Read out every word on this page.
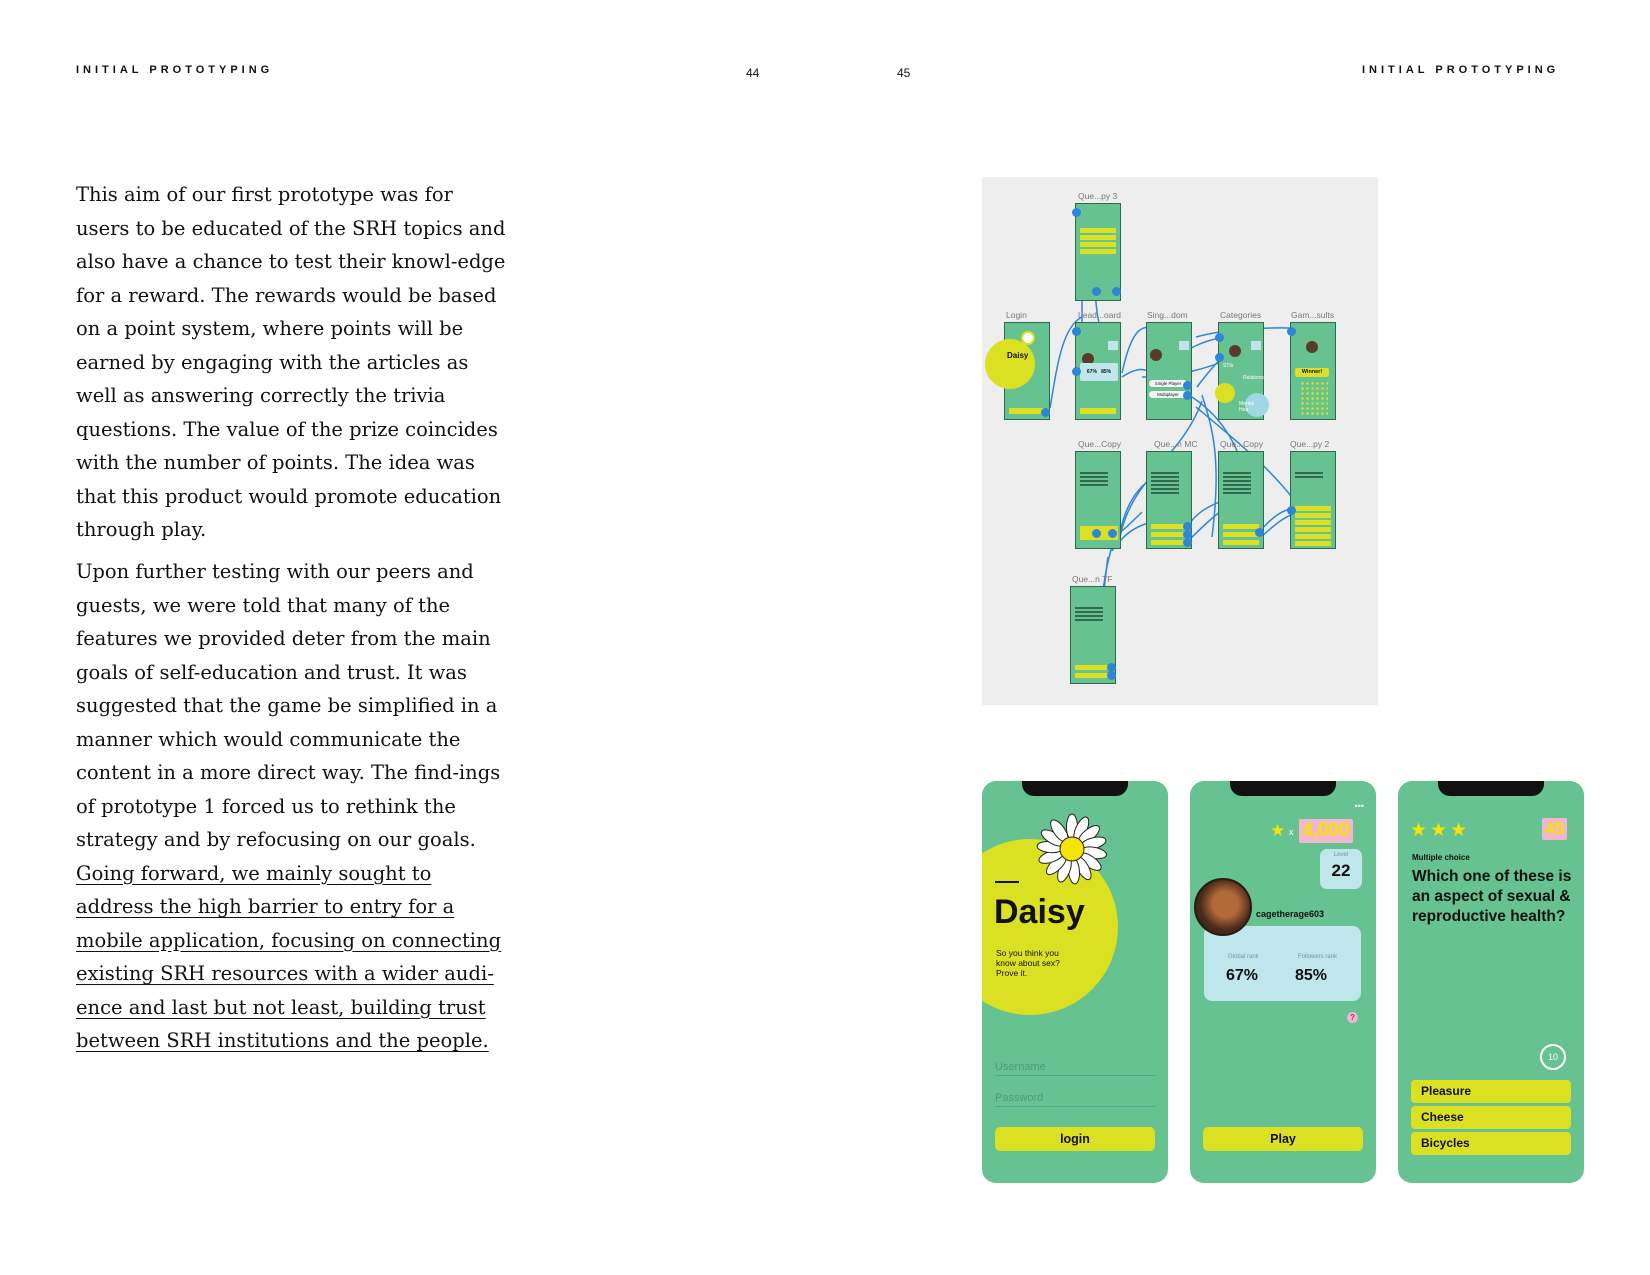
INITIAL PROTOTYPING	44	45	INITIAL PROTOTYPING

This aim of our first prototype was for users to be educated of the SRH topics and also have a chance to test their knowl-edge for a reward. The rewards would be based on a point system, where points will be earned by engaging with the articles as well as answering correctly the trivia questions. The value of the prize coincides with the number of points. The idea was that this product would promote education through play.

Upon further testing with our peers and guests, we were told that many of the features we provided deter from the main goals of self-education and trust. It was suggested that the game be simplified in a manner which would communicate the content in a more direct way. The find-ings of prototype 1 forced us to rethink the strategy and by refocusing on our goals. Going forward, we mainly sought to address the high barrier to entry for a mobile application, focusing on connecting existing SRH resources with a wider audi-ence and last but not least, building trust between SRH institutions and the people.

Que...py 3
Login
Daisy
Lead...oard
67% 85%
Sing...dom
Single Player
Multiplayer
Categories
STIs
Relations
Mental Hea
Gam...sults
Winner!
Que...Copy	Que...n MC	Que...Copy	Que...py 2
Que...n TF
Daisy
So you think you know about sex? Prove it.
Username
Password
login
•••
★ x 4,000
Level
22
Global rank	Followers rank
67% 85%
cagetherage603
?
Play
★★★	45
Multiple choice
Which one of these is an aspect of sexual & reproductive health?
10
Pleasure
Cheese
Bicycles
